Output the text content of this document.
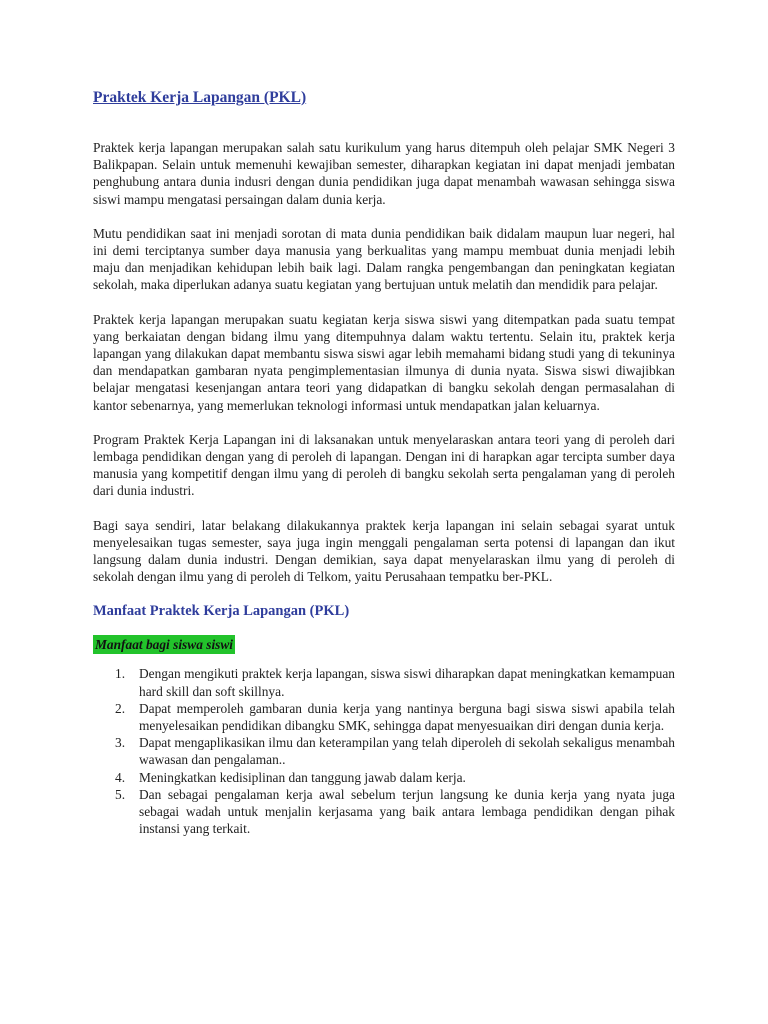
Praktek Kerja Lapangan (PKL)

Praktek kerja lapangan merupakan salah satu kurikulum yang harus ditempuh oleh pelajar SMK Negeri 3 Balikpapan. Selain untuk memenuhi kewajiban semester, diharapkan kegiatan ini dapat menjadi jembatan penghubung antara dunia indusri dengan dunia pendidikan juga dapat menambah wawasan sehingga siswa siswi mampu mengatasi persaingan dalam dunia kerja.

Mutu pendidikan saat ini menjadi sorotan di mata dunia pendidikan baik didalam maupun luar negeri, hal ini demi terciptanya sumber daya manusia yang berkualitas yang mampu membuat dunia menjadi lebih maju dan menjadikan kehidupan lebih baik lagi. Dalam rangka pengembangan dan peningkatan kegiatan sekolah, maka diperlukan adanya suatu kegiatan yang bertujuan untuk melatih dan mendidik para pelajar.

Praktek kerja lapangan merupakan suatu kegiatan kerja siswa siswi yang ditempatkan pada suatu tempat yang berkaiatan dengan bidang ilmu yang ditempuhnya dalam waktu tertentu. Selain itu, praktek kerja lapangan yang dilakukan dapat membantu siswa siswi agar lebih memahami bidang studi yang di tekuninya dan mendapatkan gambaran nyata pengimplementasian ilmunya di dunia nyata. Siswa siswi diwajibkan belajar mengatasi kesenjangan antara teori yang didapatkan di bangku sekolah dengan permasalahan di kantor sebenarnya, yang memerlukan teknologi informasi untuk mendapatkan jalan keluarnya.

Program Praktek Kerja Lapangan ini di laksanakan untuk menyelaraskan antara teori yang di peroleh dari lembaga pendidikan dengan yang di peroleh di lapangan. Dengan ini di harapkan agar tercipta sumber daya manusia yang kompetitif dengan ilmu yang di peroleh di bangku sekolah serta pengalaman yang di peroleh dari dunia industri.

Bagi saya sendiri, latar belakang dilakukannya praktek kerja lapangan ini selain sebagai syarat untuk menyelesaikan tugas semester, saya juga ingin menggali pengalaman serta potensi di lapangan dan ikut langsung dalam dunia industri. Dengan demikian, saya dapat menyelaraskan ilmu yang di peroleh di sekolah dengan ilmu yang di peroleh di Telkom, yaitu Perusahaan tempatku ber-PKL.

Manfaat Praktek Kerja Lapangan (PKL)
Manfaat bagi siswa siswi
1. Dengan mengikuti praktek kerja lapangan, siswa siswi diharapkan dapat meningkatkan kemampuan hard skill dan soft skillnya.
2. Dapat memperoleh gambaran dunia kerja yang nantinya berguna bagi siswa siswi apabila telah menyelesaikan pendidikan dibangku SMK, sehingga dapat menyesuaikan diri dengan dunia kerja.
3. Dapat mengaplikasikan ilmu dan keterampilan yang telah diperoleh di sekolah sekaligus menambah wawasan dan pengalaman..
4. Meningkatkan kedisiplinan dan tanggung jawab dalam kerja.
5. Dan sebagai pengalaman kerja awal sebelum terjun langsung ke dunia kerja yang nyata juga sebagai wadah untuk menjalin kerjasama yang baik antara lembaga pendidikan dengan pihak instansi yang terkait.
